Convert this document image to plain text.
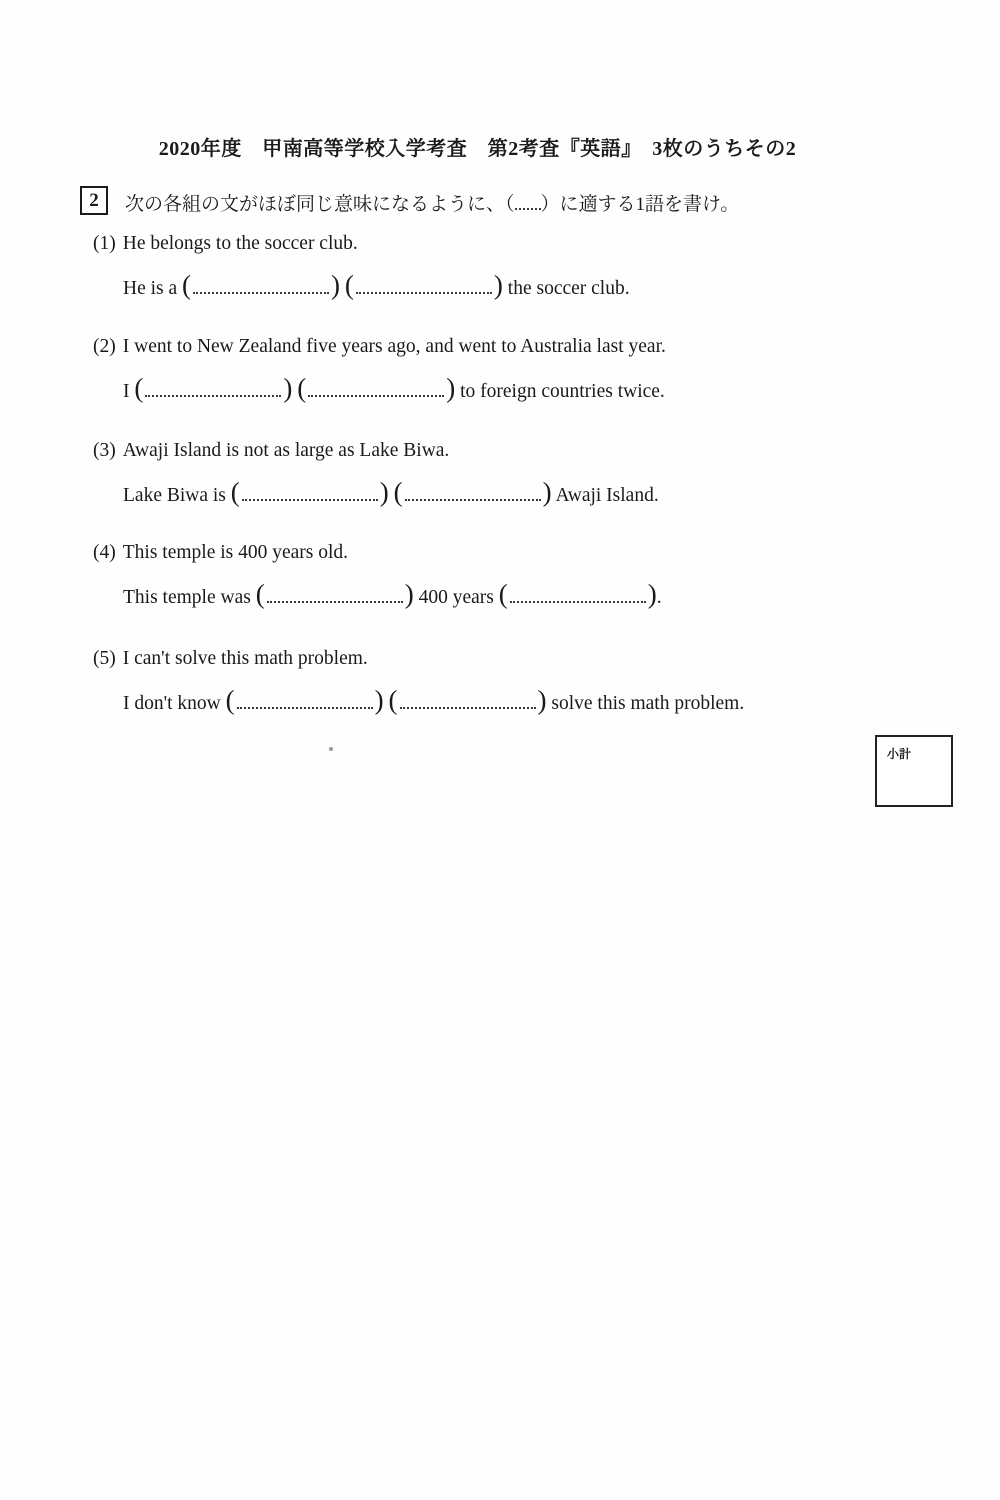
2020年度　甲南高等学校入学考査　第2考査『英語』　3枚のうちその2
2	次の各組の文がほぼ同じ意味になるように、（ ）に適する1語を書け。
(1) He belongs to the soccer club.
He is a (	) (	) the soccer club.
(2) I went to New Zealand five years ago, and went to Australia last year.
I (	) (	) to foreign countries twice.
(3) Awaji Island is not as large as Lake Biwa.
Lake Biwa is (	) (	) Awaji Island.
(4) This temple is 400 years old.
This temple was (	) 400 years (	).
(5) I can't solve this math problem.
I don't know (	) (	) solve this math problem.
小計
